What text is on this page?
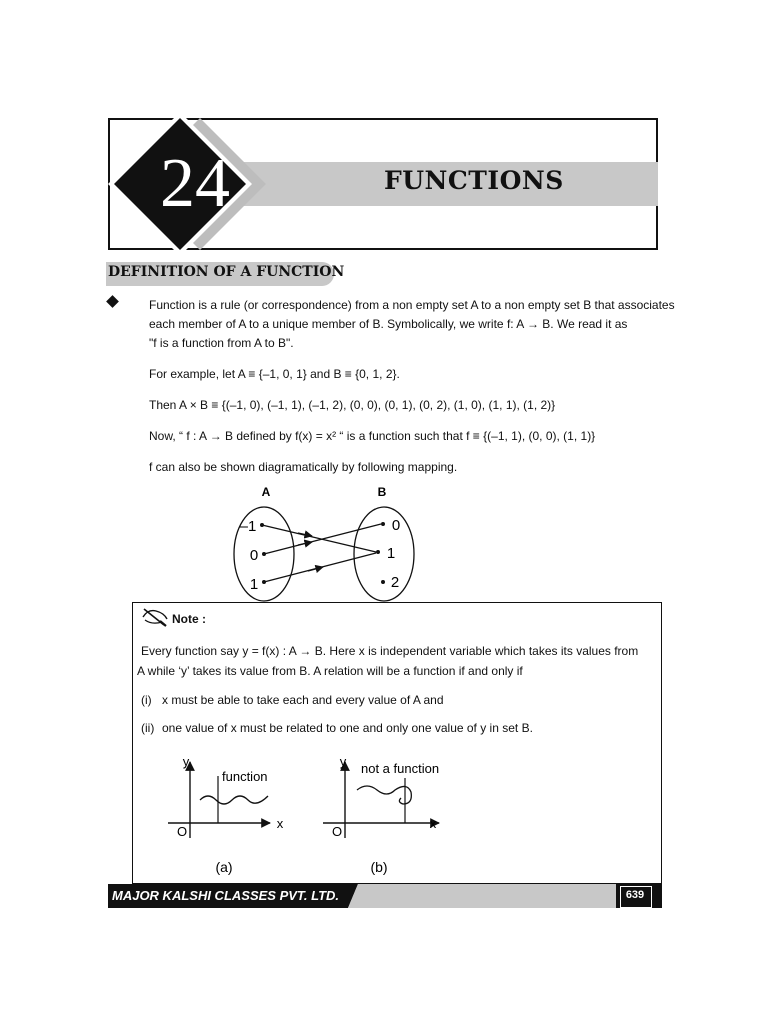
FUNCTIONS
24
DEFINITION OF A FUNCTION
Function is a rule (or correspondence) from a non empty set A to a non empty set B that associates
each member of A to a unique member of B. Symbolically, we write f: A → B. We read it as
"f is a function from A to B".
For example, let A ≡ {–1, 0, 1} and B ≡ {0, 1, 2}.
Then A × B ≡ {(–1, 0), (–1, 1), (–1, 2), (0, 0), (0, 1), (0, 2), (1, 0), (1, 1), (1, 2)}
Now, “ f : A → B defined by f(x) = x² “ is a function such that f ≡ {(–1, 1), (0, 0), (1, 1)}
f can also be shown diagramatically by following mapping.
A	B
–1
0
1
0
1
2
Note :
Every function say y = f(x) : A → B. Here x is independent variable which takes its values from
A while ‘y’ takes its value from B. A relation will be a function if and only if
(i) x must be able to take each and every value of A and
(ii) one value of x must be related to one and only one value of y in set B.
y
x
O
function
(a)
y
x
O
not a function
(b)
MAJOR KALSHI CLASSES PVT. LTD.	639
